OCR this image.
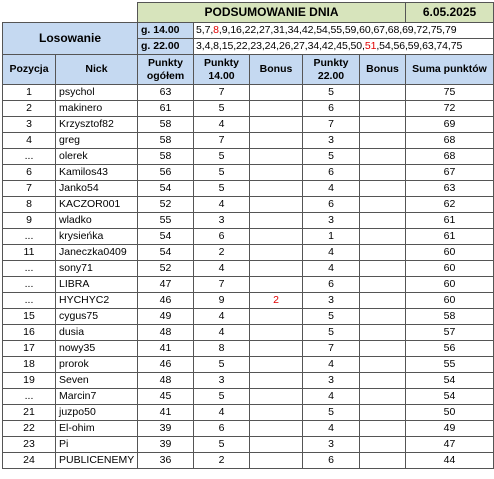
		PODSUMOWANIE DNIA					6.05.2025
Losowanie		g. 14.00	5,7,8,9,16,22,27,31,34,42,54,55,59,60,67,68,69,72,75,79				
		g. 22.00	3,4,8,15,22,23,24,26,27,34,42,45,50,51,54,56,59,63,74,75				
Pozycja	Nick	Punkty ogółem	Punkty 14.00	Bonus	Punkty 22.00	Bonus	Suma punktów
1	psychol	63	7		5		75
2	makinero	61	5		6		72
3	Krzysztof82	58	4		7		69
4	greg	58	7		3		68
...	olerek	58	5		5		68
6	Kamilos43	56	5		6		67
7	Janko54	54	5		4		63
8	KACZOR001	52	4		6		62
9	wladko	55	3		3		61
...	krysieńka	54	6		1		61
11	Janeczka0409	54	2		4		60
...	sony71	52	4		4		60
...	LIBRA	47	7		6		60
...	HYCHYC2	46	9	2	3		60
15	cygus75	49	4		5		58
16	dusia	48	4		5		57
17	nowy35	41	8		7		56
18	prorok	46	5		4		55
19	Seven	48	3		3		54
...	Marcin7	45	5		4		54
21	juzpo50	41	4		5		50
22	El-ohim	39	6		4		49
23	Pi	39	5		3		47
24	PUBLICENEMY	36	2		6		44
